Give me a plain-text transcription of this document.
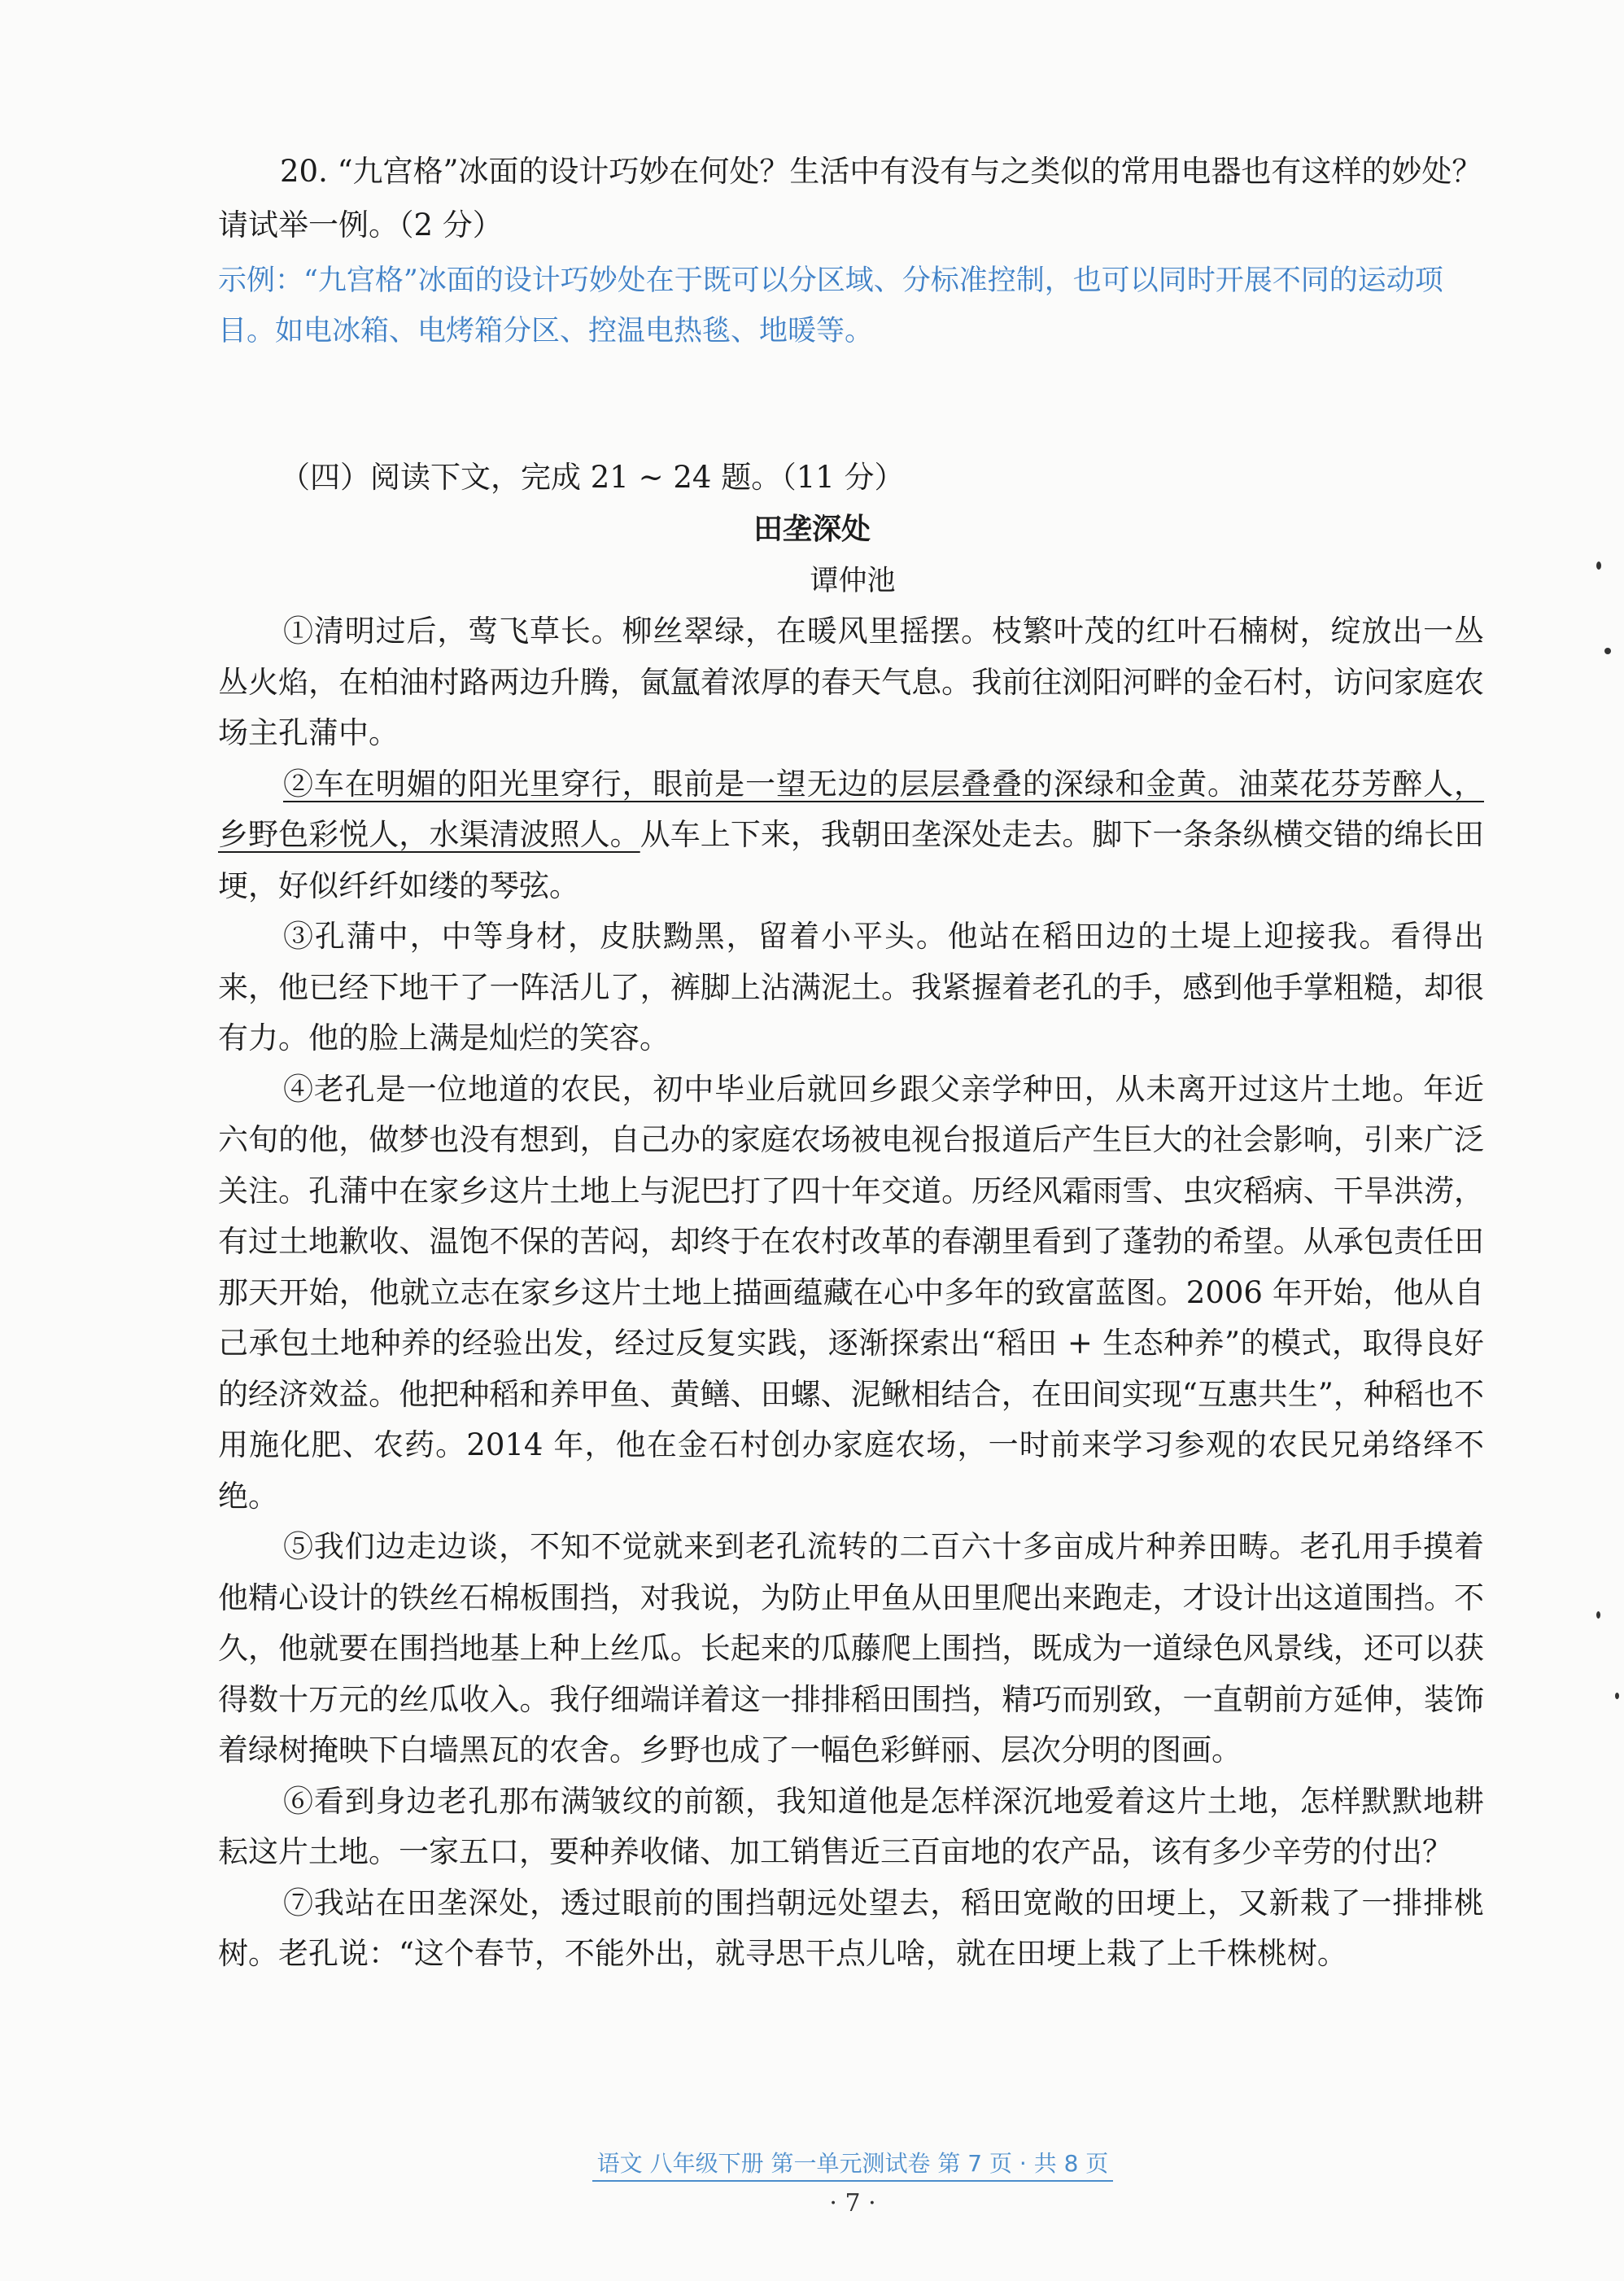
20. “九宫格”冰面的设计巧妙在何处？生活中有没有与之类似的常用电器也有这样的妙处？请试举一例。（2 分）
示例：“九宫格”冰面的设计巧妙处在于既可以分区域、分标准控制，也可以同时开展不同的运动项目。如电冰箱、电烤箱分区、控温电热毯、地暖等。
（四）阅读下文，完成 21 ~ 24 题。（11 分）
田垄深处
谭仲池

①清明过后，莺飞草长。柳丝翠绿，在暖风里摇摆。枝繁叶茂的红叶石楠树，绽放出一丛丛火焰，在柏油村路两边升腾，氤氲着浓厚的春天气息。我前往浏阳河畔的金石村，访问家庭农场主孔蒲中。

②车在明媚的阳光里穿行，眼前是一望无边的层层叠叠的深绿和金黄。油菜花芬芳醉人，乡野色彩悦人，水渠清波照人。从车上下来，我朝田垄深处走去。脚下一条条纵横交错的绵长田埂，好似纤纤如缕的琴弦。

③孔蒲中，中等身材，皮肤黝黑，留着小平头。他站在稻田边的土堤上迎接我。看得出来，他已经下地干了一阵活儿了，裤脚上沾满泥土。我紧握着老孔的手，感到他手掌粗糙，却很有力。他的脸上满是灿烂的笑容。

④老孔是一位地道的农民，初中毕业后就回乡跟父亲学种田，从未离开过这片土地。年近六旬的他，做梦也没有想到，自己办的家庭农场被电视台报道后产生巨大的社会影响，引来广泛关注。孔蒲中在家乡这片土地上与泥巴打了四十年交道。历经风霜雨雪、虫灾稻病、干旱洪涝，有过土地歉收、温饱不保的苦闷，却终于在农村改革的春潮里看到了蓬勃的希望。从承包责任田那天开始，他就立志在家乡这片土地上描画蕴藏在心中多年的致富蓝图。2006 年开始，他从自己承包土地种养的经验出发，经过反复实践，逐渐探索出“稻田 + 生态种养”的模式，取得良好的经济效益。他把种稻和养甲鱼、黄鳝、田螺、泥鳅相结合，在田间实现“互惠共生”，种稻也不用施化肥、农药。2014 年，他在金石村创办家庭农场，一时前来学习参观的农民兄弟络绎不绝。

⑤我们边走边谈，不知不觉就来到老孔流转的二百六十多亩成片种养田畴。老孔用手摸着他精心设计的铁丝石棉板围挡，对我说，为防止甲鱼从田里爬出来跑走，才设计出这道围挡。不久，他就要在围挡地基上种上丝瓜。长起来的瓜藤爬上围挡，既成为一道绿色风景线，还可以获得数十万元的丝瓜收入。我仔细端详着这一排排稻田围挡，精巧而别致，一直朝前方延伸，装饰着绿树掩映下白墙黑瓦的农舍。乡野也成了一幅色彩鲜丽、层次分明的图画。

⑥看到身边老孔那布满皱纹的前额，我知道他是怎样深沉地爱着这片土地，怎样默默地耕耘这片土地。一家五口，要种养收储、加工销售近三百亩地的农产品，该有多少辛劳的付出？

⑦我站在田垄深处，透过眼前的围挡朝远处望去，稻田宽敞的田埂上，又新栽了一排排桃树。老孔说：“这个春节，不能外出，就寻思干点儿啥，就在田埂上栽了上千株桃树。

语文 八年级下册 第一单元测试卷 第 7 页 · 共 8 页
· 7 ·
